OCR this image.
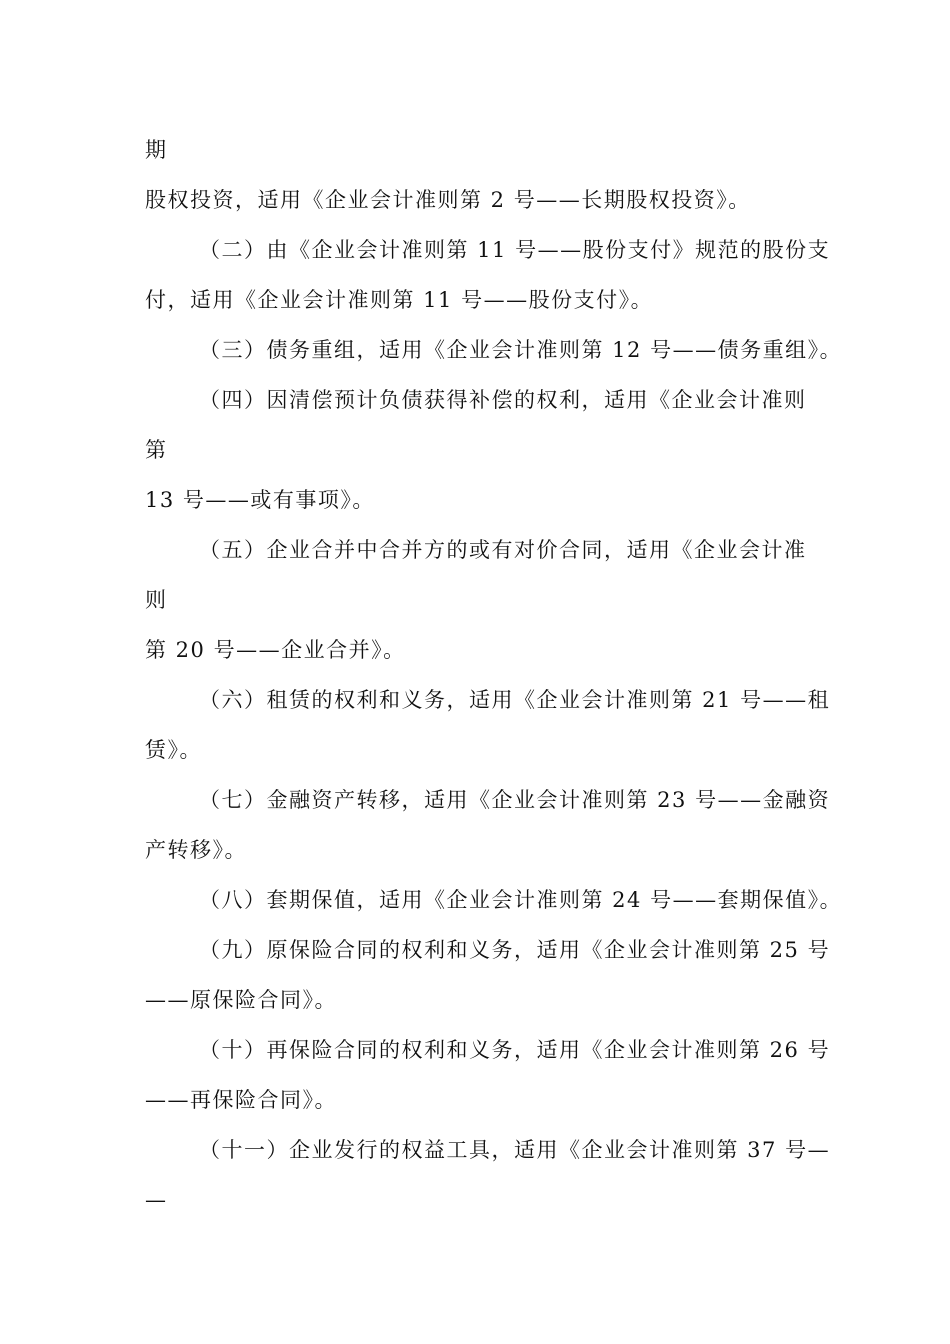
期
股权投资，适用《企业会计准则第 2 号——长期股权投资》。
（二）由《企业会计准则第 11 号——股份支付》规范的股份支
付，适用《企业会计准则第 11 号——股份支付》。
（三）债务重组，适用《企业会计准则第 12 号——债务重组》。
（四）因清偿预计负债获得补偿的权利，适用《企业会计准则
第
13 号——或有事项》。
（五）企业合并中合并方的或有对价合同，适用《企业会计准
则
第 20 号——企业合并》。
（六）租赁的权利和义务，适用《企业会计准则第 21 号——租
赁》。
（七）金融资产转移，适用《企业会计准则第 23 号——金融资
产转移》。
（八）套期保值，适用《企业会计准则第 24 号——套期保值》。
（九）原保险合同的权利和义务，适用《企业会计准则第 25 号
——原保险合同》。
（十）再保险合同的权利和义务，适用《企业会计准则第 26 号
——再保险合同》。
（十一）企业发行的权益工具，适用《企业会计准则第 37 号—
—
